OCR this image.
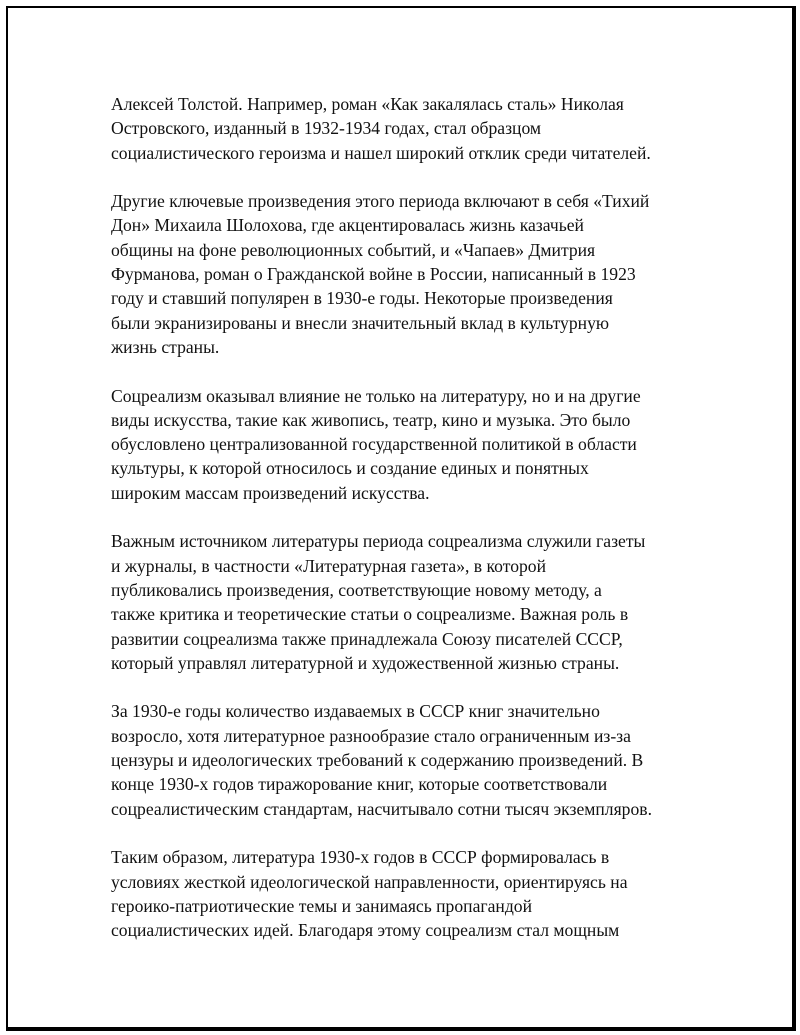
Алексей Толстой. Например, роман «Как закалялась сталь» Николая
Островского, изданный в 1932-1934 годах, стал образцом
социалистического героизма и нашел широкий отклик среди читателей.

Другие ключевые произведения этого периода включают в себя «Тихий
Дон» Михаила Шолохова, где акцентировалась жизнь казачьей
общины на фоне революционных событий, и «Чапаев» Дмитрия
Фурманова, роман о Гражданской войне в России, написанный в 1923
году и ставший популярен в 1930-е годы. Некоторые произведения
были экранизированы и внесли значительный вклад в культурную
жизнь страны.

Соцреализм оказывал влияние не только на литературу, но и на другие
виды искусства, такие как живопись, театр, кино и музыка. Это было
обусловлено централизованной государственной политикой в области
культуры, к которой относилось и создание единых и понятных
широким массам произведений искусства.

Важным источником литературы периода соцреализма служили газеты
и журналы, в частности «Литературная газета», в которой
публиковались произведения, соответствующие новому методу, а
также критика и теоретические статьи о соцреализме. Важная роль в
развитии соцреализма также принадлежала Союзу писателей СССР,
который управлял литературной и художественной жизнью страны.

За 1930-е годы количество издаваемых в СССР книг значительно
возросло, хотя литературное разнообразие стало ограниченным из-за
цензуры и идеологических требований к содержанию произведений. В
конце 1930-х годов тиражорование книг, которые соответствовали
соцреалистическим стандартам, насчитывало сотни тысяч экземпляров.

Таким образом, литература 1930-х годов в СССР формировалась в
условиях жесткой идеологической направленности, ориентируясь на
героико-патриотические темы и занимаясь пропагандой
социалистических идей. Благодаря этому соцреализм стал мощным
